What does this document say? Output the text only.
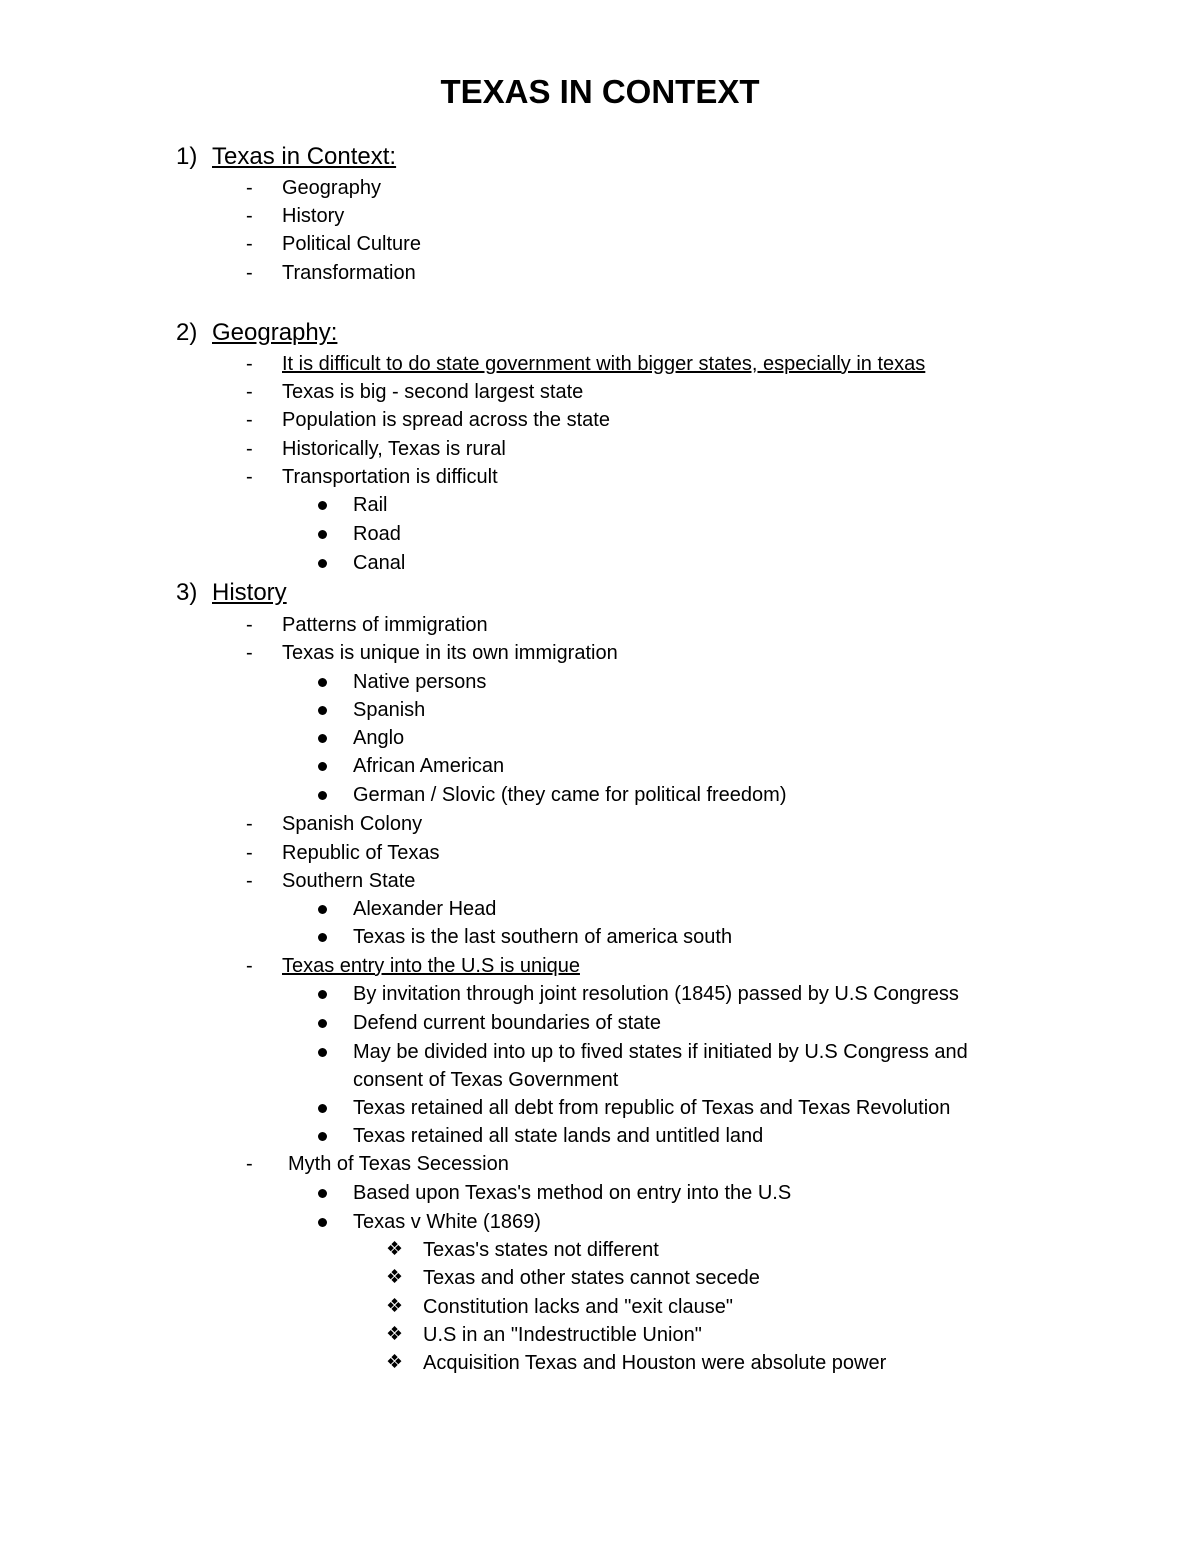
TEXAS IN CONTEXT
1) Texas in Context:
- Geography
- History
- Political Culture
- Transformation
2) Geography:
- It is difficult to do state government with bigger states, especially in texas
- Texas is big - second largest state
- Population is spread across the state
- Historically, Texas is rural
- Transportation is difficult
Rail
Road
Canal
3) History
- Patterns of immigration
- Texas is unique in its own immigration
Native persons
Spanish
Anglo
African American
German / Slovic (they came for political freedom)
- Spanish Colony
- Republic of Texas
- Southern State
Alexander Head
Texas is the last southern of america south
- Texas entry into the U.S is unique
By invitation through joint resolution (1845) passed by U.S Congress
Defend current boundaries of state
May be divided into up to fived states if initiated by U.S Congress and
consent of Texas Government
Texas retained all debt from republic of Texas and Texas Revolution
Texas retained all state lands and untitled land
- Myth of Texas Secession
Based upon Texas's method on entry into the U.S
Texas v White (1869)
❖ Texas's states not different
❖ Texas and other states cannot secede
❖ Constitution lacks and "exit clause"
❖ U.S in an "Indestructible Union"
❖ Acquisition Texas and Houston were absolute power
